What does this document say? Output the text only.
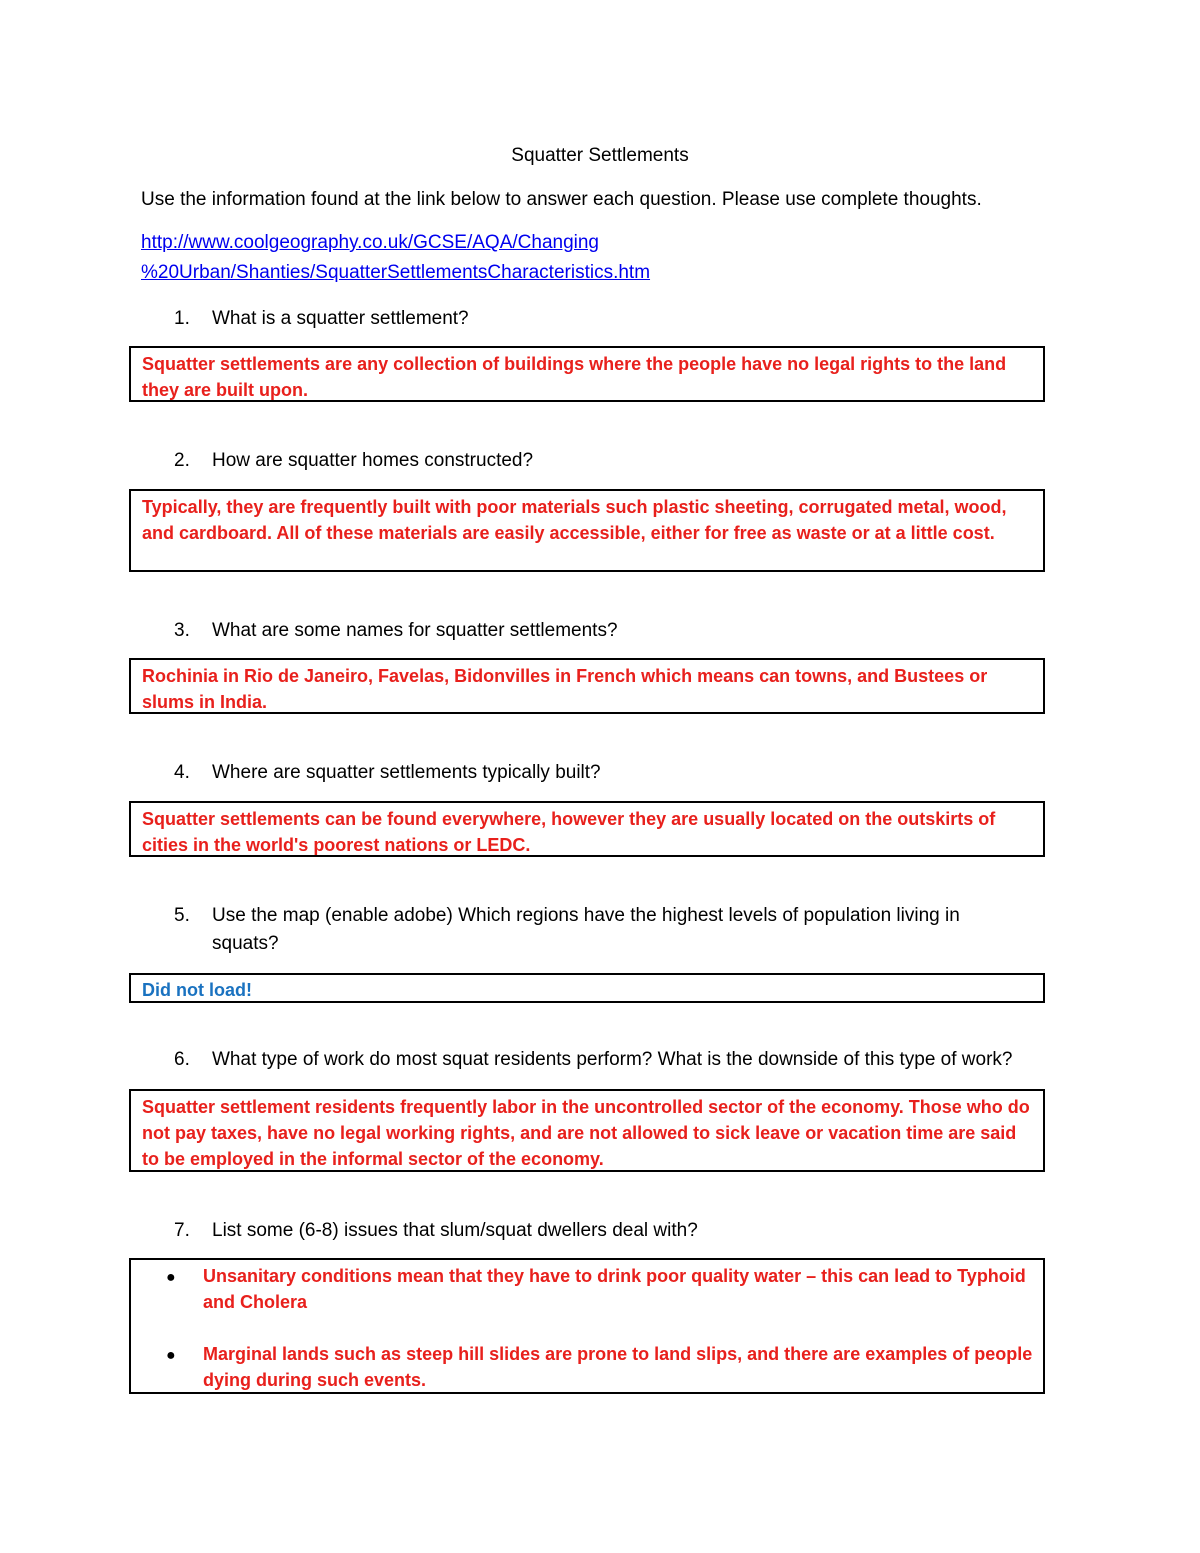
Squatter Settlements
Use the information found at the link below to answer each question. Please use complete thoughts.
http://www.coolgeography.co.uk/GCSE/AQA/Changing
%20Urban/Shanties/SquatterSettlementsCharacteristics.htm
1. What is a squatter settlement?
Squatter settlements are any collection of buildings where the people have no legal rights to the land they are built upon.
2. How are squatter homes constructed?
Typically, they are frequently built with poor materials such plastic sheeting, corrugated metal, wood, and cardboard. All of these materials are easily accessible, either for free as waste or at a little cost.
3. What are some names for squatter settlements?
Rochinia in Rio de Janeiro, Favelas, Bidonvilles in French which means can towns, and Bustees or slums in India.
4. Where are squatter settlements typically built?
Squatter settlements can be found everywhere, however they are usually located on the outskirts of cities in the world's poorest nations or LEDC.
5. Use the map (enable adobe) Which regions have the highest levels of population living in squats?
Did not load!
6. What type of work do most squat residents perform? What is the downside of this type of work?
Squatter settlement residents frequently labor in the uncontrolled sector of the economy. Those who do not pay taxes, have no legal working rights, and are not allowed to sick leave or vacation time are said to be employed in the informal sector of the economy.
7. List some (6-8) issues that slum/squat dwellers deal with?
● Unsanitary conditions mean that they have to drink poor quality water – this can lead to Typhoid and Cholera
● Marginal lands such as steep hill slides are prone to land slips, and there are examples of people dying during such events.
